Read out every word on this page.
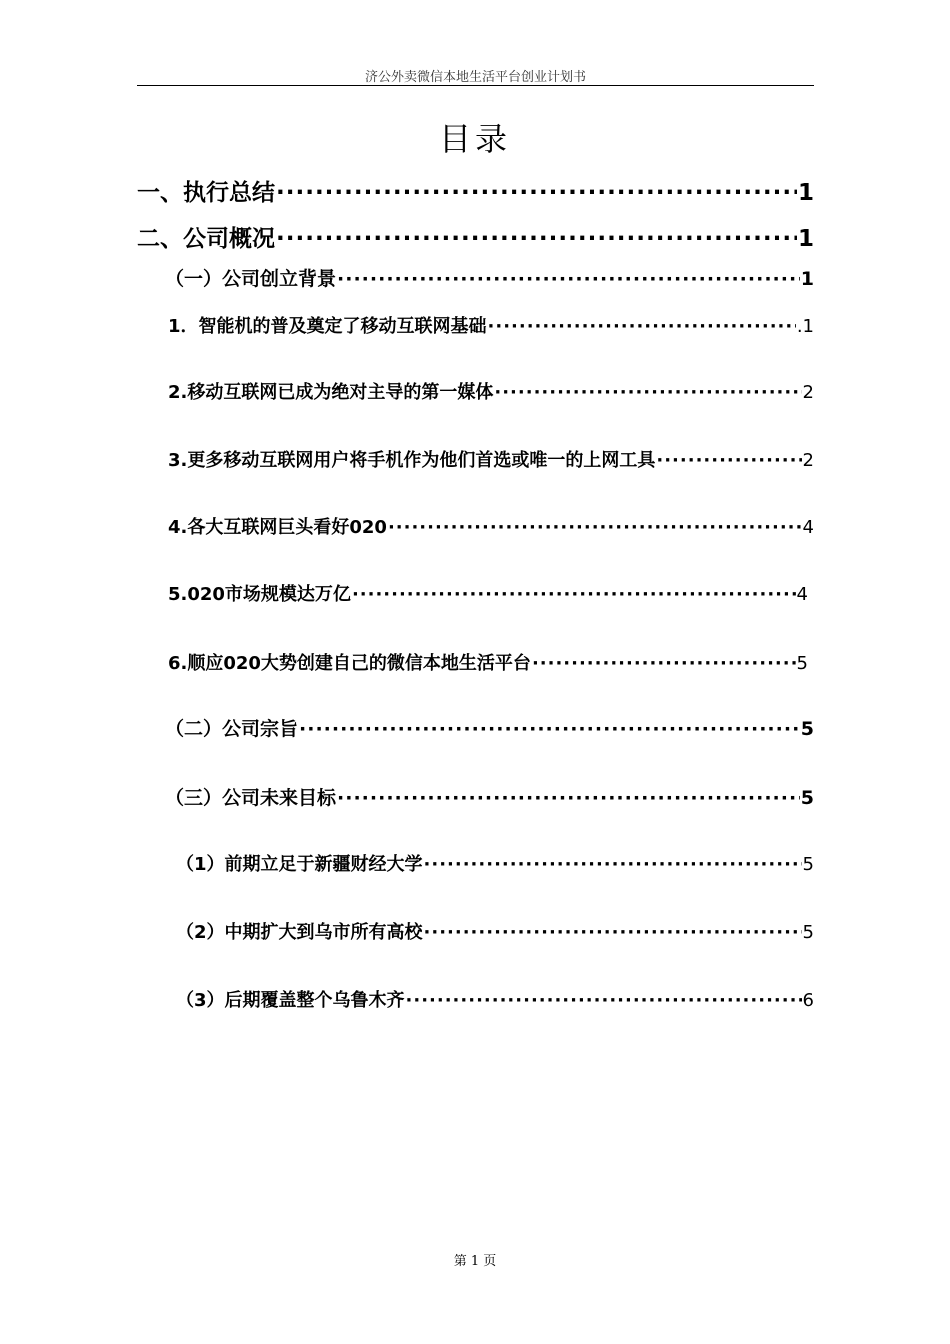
济公外卖微信本地生活平台创业计划书
目录
一、执行总结 ·····	1
二、公司概况 ·····	1
（一）公司创立背景 ·····	1
1．智能机的普及奠定了移动互联网基础 ·····	.1
2.移动互联网已成为绝对主导的第一媒体 ·····	2
3.更多移动互联网用户将手机作为他们首选或唯一的上网工具 ·····	2
4.各大互联网巨头看好020 ·····	4
5.020市场规模达万亿 ·····	4
6.顺应020大势创建自己的微信本地生活平台 ·····	5
（二）公司宗旨 ·····	5
（三）公司未来目标 ·····	5
（1）前期立足于新疆财经大学 ·····	5
（2）中期扩大到乌市所有高校 ·····	5
（3）后期覆盖整个乌鲁木齐 ·····	6
第 1 页
